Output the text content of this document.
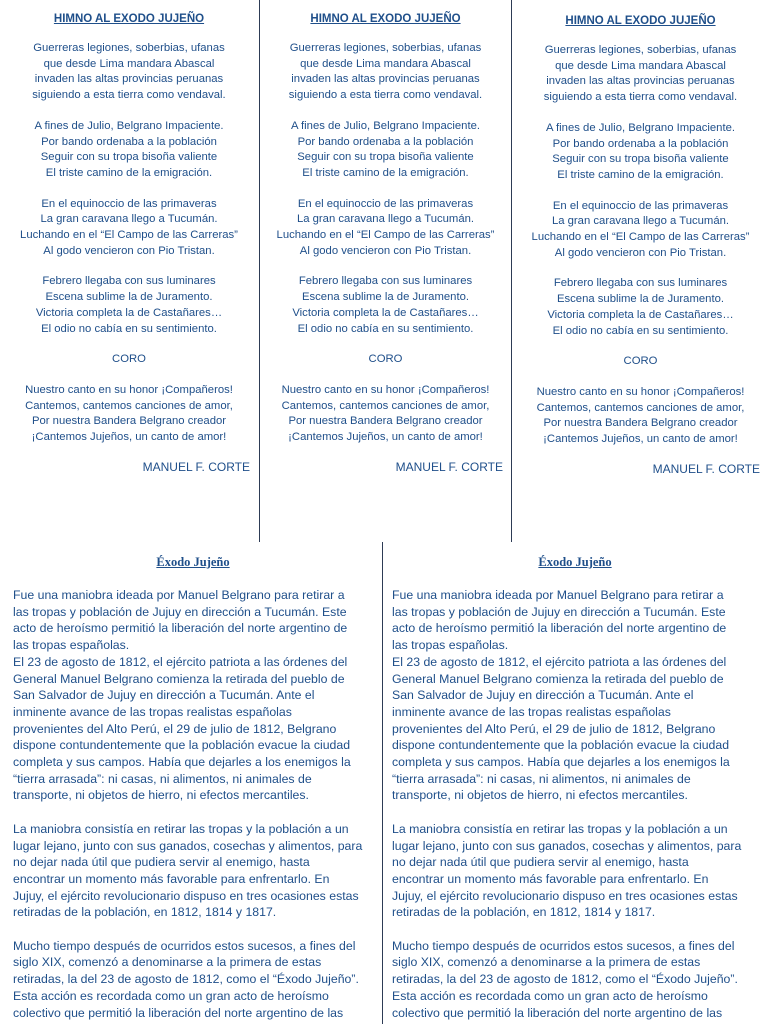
HIMNO AL EXODO JUJEÑO
Guerreras legiones, soberbias, ufanas
que desde Lima mandara Abascal
invaden las altas provincias peruanas
siguiendo a esta tierra como vendaval.
A fines de Julio, Belgrano Impaciente.
Por bando ordenaba a la población
Seguir con su tropa bisoña valiente
El triste camino de la emigración.
En el equinoccio de las primaveras
La gran caravana llego a Tucumán.
Luchando en el “El Campo de las Carreras”
Al godo vencieron con Pio Tristan.
Febrero llegaba con sus luminares
Escena sublime la de Juramento.
Victoria completa la de Castañares…
El odio no cabía en su sentimiento.
CORO
Nuestro canto en su honor ¡Compañeros!
Cantemos, cantemos canciones de amor,
Por nuestra Bandera Belgrano creador
¡Cantemos Jujeños, un canto de amor!
MANUEL F. CORTE
HIMNO AL EXODO JUJEÑO
Guerreras legiones, soberbias, ufanas
que desde Lima mandara Abascal
invaden las altas provincias peruanas
siguiendo a esta tierra como vendaval.
A fines de Julio, Belgrano Impaciente.
Por bando ordenaba a la población
Seguir con su tropa bisoña valiente
El triste camino de la emigración.
En el equinoccio de las primaveras
La gran caravana llego a Tucumán.
Luchando en el “El Campo de las Carreras”
Al godo vencieron con Pio Tristan.
Febrero llegaba con sus luminares
Escena sublime la de Juramento.
Victoria completa la de Castañares…
El odio no cabía en su sentimiento.
CORO
Nuestro canto en su honor ¡Compañeros!
Cantemos, cantemos canciones de amor,
Por nuestra Bandera Belgrano creador
¡Cantemos Jujeños, un canto de amor!
MANUEL F. CORTE
HIMNO AL EXODO JUJEÑO
Guerreras legiones, soberbias, ufanas
que desde Lima mandara Abascal
invaden las altas provincias peruanas
siguiendo a esta tierra como vendaval.
A fines de Julio, Belgrano Impaciente.
Por bando ordenaba a la población
Seguir con su tropa bisoña valiente
El triste camino de la emigración.
En el equinoccio de las primaveras
La gran caravana llego a Tucumán.
Luchando en el “El Campo de las Carreras”
Al godo vencieron con Pio Tristan.
Febrero llegaba con sus luminares
Escena sublime la de Juramento.
Victoria completa la de Castañares…
El odio no cabía en su sentimiento.
CORO
Nuestro canto en su honor ¡Compañeros!
Cantemos, cantemos canciones de amor,
Por nuestra Bandera Belgrano creador
¡Cantemos Jujeños, un canto de amor!
MANUEL F. CORTE
Éxodo Jujeño
Fue una maniobra ideada por Manuel Belgrano para retirar a
las tropas y población de Jujuy en dirección a Tucumán. Este
acto de heroísmo permitió la liberación del norte argentino de
las tropas españolas.
El 23 de agosto de 1812, el ejército patriota a las órdenes del
General Manuel Belgrano comienza la retirada del pueblo de
San Salvador de Jujuy en dirección a Tucumán. Ante el
inminente avance de las tropas realistas españolas
provenientes del Alto Perú, el 29 de julio de 1812, Belgrano
dispone contundentemente que la población evacue la ciudad
completa y sus campos. Había que dejarles a los enemigos la
“tierra arrasada”: ni casas, ni alimentos, ni animales de
transporte, ni objetos de hierro, ni efectos mercantiles.
La maniobra consistía en retirar las tropas y la población a un
lugar lejano, junto con sus ganados, cosechas y alimentos, para
no dejar nada útil que pudiera servir al enemigo, hasta
encontrar un momento más favorable para enfrentarlo. En
Jujuy, el ejército revolucionario dispuso en tres ocasiones estas
retiradas de la población, en 1812, 1814 y 1817.
Mucho tiempo después de ocurridos estos sucesos, a fines del
siglo XIX, comenzó a denominarse a la primera de estas
retiradas, la del 23 de agosto de 1812, como el “Éxodo Jujeño”.
Esta acción es recordada como un gran acto de heroísmo
colectivo que permitió la liberación del norte argentino de las
Éxodo Jujeño
Fue una maniobra ideada por Manuel Belgrano para retirar a
las tropas y población de Jujuy en dirección a Tucumán. Este
acto de heroísmo permitió la liberación del norte argentino de
las tropas españolas.
El 23 de agosto de 1812, el ejército patriota a las órdenes del
General Manuel Belgrano comienza la retirada del pueblo de
San Salvador de Jujuy en dirección a Tucumán. Ante el
inminente avance de las tropas realistas españolas
provenientes del Alto Perú, el 29 de julio de 1812, Belgrano
dispone contundentemente que la población evacue la ciudad
completa y sus campos. Había que dejarles a los enemigos la
“tierra arrasada”: ni casas, ni alimentos, ni animales de
transporte, ni objetos de hierro, ni efectos mercantiles.
La maniobra consistía en retirar las tropas y la población a un
lugar lejano, junto con sus ganados, cosechas y alimentos, para
no dejar nada útil que pudiera servir al enemigo, hasta
encontrar un momento más favorable para enfrentarlo. En
Jujuy, el ejército revolucionario dispuso en tres ocasiones estas
retiradas de la población, en 1812, 1814 y 1817.
Mucho tiempo después de ocurridos estos sucesos, a fines del
siglo XIX, comenzó a denominarse a la primera de estas
retiradas, la del 23 de agosto de 1812, como el “Éxodo Jujeño”.
Esta acción es recordada como un gran acto de heroísmo
colectivo que permitió la liberación del norte argentino de las
